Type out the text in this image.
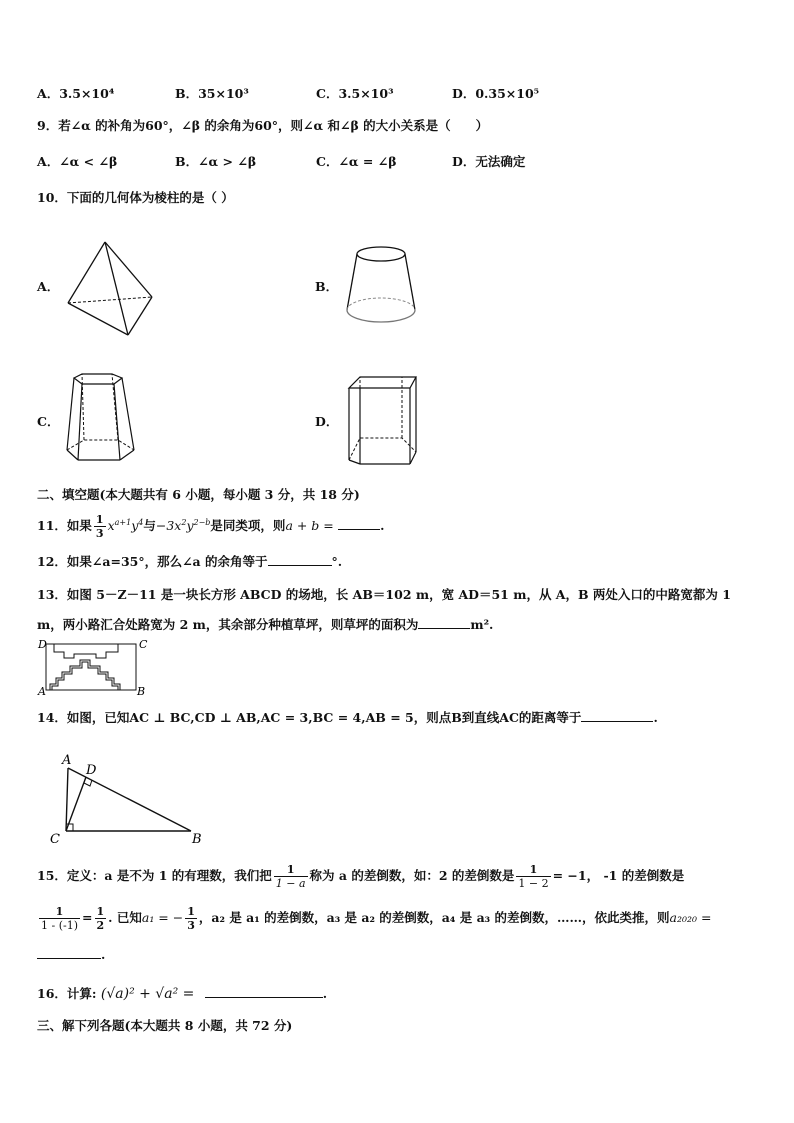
A．3.5×10⁴	B．35×10³	C．3.5×10³	D．0.35×10⁵
9．若∠α 的补角为60°，∠β 的余角为60°，则∠α 和∠β 的大小关系是（　　）
A．∠α < ∠β	B．∠α > ∠β	C．∠α = ∠β	D．无法确定
10．下面的几何体为棱柱的是（ ）
A．	B．
C．	D．
二、填空题(本大题共有 6 小题，每小题 3 分，共 18 分)
11．如果 $\frac{1}{3} x^{a+1}y^4$与$-3x^2y^{2-b}$是同类项，则a + b =	.
12．如果∠a=35°，那么∠a 的余角等于	°.
13．如图 5－Z－11 是一块长方形 ABCD 的场地，长 AB＝102 m，宽 AD＝51 m，从 A，B 两处入口的中路宽都为 1
m，两小路汇合处路宽为 2 m，其余部分种植草坪，则草坪的面积为	m².
D	C
A	B
14．如图，已知AC ⊥ BC,CD ⊥ AB,AC = 3,BC = 4,AB = 5，则点B到直线AC的距离等于	.
A
D
C	B
15．定义：a 是不为 1 的有理数，我们把 $\frac{1}{1 - a}$ 称为 a 的差倒数，如：2 的差倒数是 $\frac{1}{1 - 2} = -1$， -1 的差倒数是
$\frac{1}{1 - (-1)} = \frac{1}{2}$ . 已知a₁ = − $\frac{1}{3}$ ，a₂ 是 a₁ 的差倒数，a₃ 是 a₂ 的差倒数，a₄ 是 a₃ 的差倒数，……，依此类推，则a₂₀₂₀ =
.
16．计算: (√a)² + √a² =	.
三、解下列各题(本大题共 8 小题，共 72 分)
